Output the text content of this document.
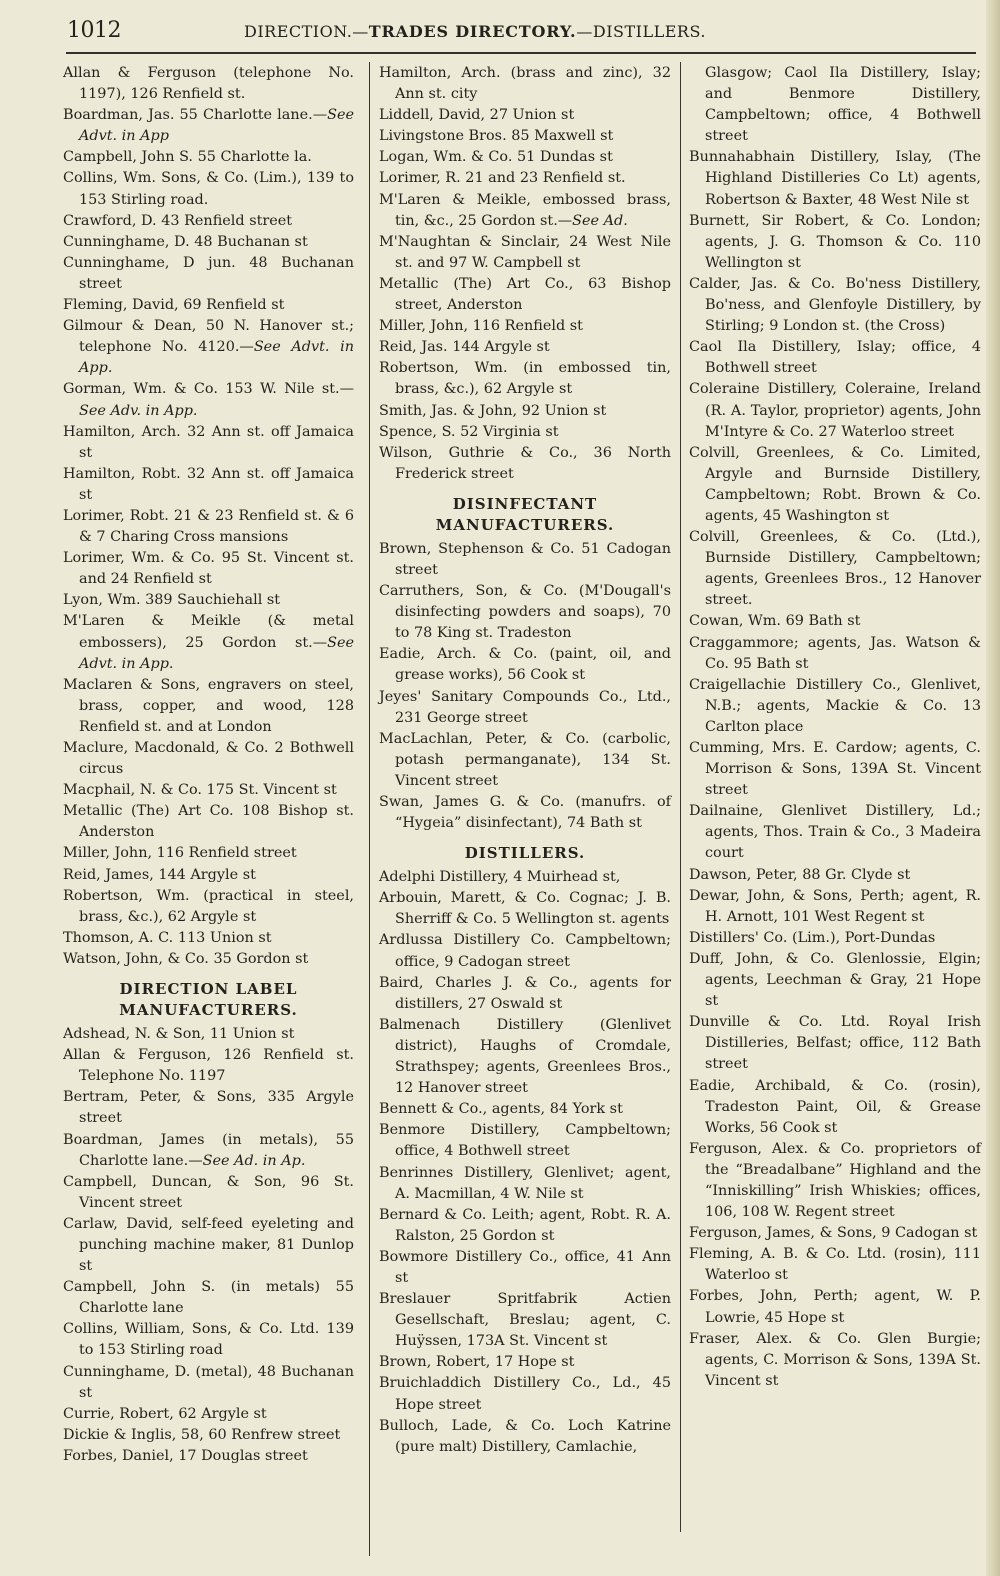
1012	DIRECTION.—TRADES DIRECTORY.—DISTILLERS.

Allan & Ferguson (telephone No. 1197), 126 Renfield st.

Boardman, Jas. 55 Charlotte lane.—See Advt. in App

Campbell, John S. 55 Charlotte la.

Collins, Wm. Sons, & Co. (Lim.), 139 to 153 Stirling road.

Crawford, D. 43 Renfield street

Cunninghame, D. 48 Buchanan st

Cunninghame, D jun. 48 Buchanan street

Fleming, David, 69 Renfield st

Gilmour & Dean, 50 N. Hanover st.; telephone No. 4120.—See Advt. in App.

Gorman, Wm. & Co. 153 W. Nile st.—See Adv. in App.

Hamilton, Arch. 32 Ann st. off Jamaica st

Hamilton, Robt. 32 Ann st. off Jamaica st

Lorimer, Robt. 21 & 23 Renfield st. & 6 & 7 Charing Cross mansions

Lorimer, Wm. & Co. 95 St. Vincent st. and 24 Renfield st

Lyon, Wm. 389 Sauchiehall st

M'Laren & Meikle (& metal embossers), 25 Gordon st.—See Advt. in App.

Maclaren & Sons, engravers on steel, brass, copper, and wood, 128 Renfield st. and at London

Maclure, Macdonald, & Co. 2 Bothwell circus

Macphail, N. & Co. 175 St. Vincent st

Metallic (The) Art Co. 108 Bishop st. Anderston

Miller, John, 116 Renfield street

Reid, James, 144 Argyle st

Robertson, Wm. (practical in steel, brass, &c.), 62 Argyle st

Thomson, A. C. 113 Union st

Watson, John, & Co. 35 Gordon st

DIRECTION LABEL MANUFACTURERS.

Adshead, N. & Son, 11 Union st

Allan & Ferguson, 126 Renfield st. Telephone No. 1197

Bertram, Peter, & Sons, 335 Argyle street

Boardman, James (in metals), 55 Charlotte lane.—See Ad. in Ap.

Campbell, Duncan, & Son, 96 St. Vincent street

Carlaw, David, self-feed eyeleting and punching machine maker, 81 Dunlop st

Campbell, John S. (in metals) 55 Charlotte lane

Collins, William, Sons, & Co. Ltd. 139 to 153 Stirling road

Cunninghame, D. (metal), 48 Buchanan st

Currie, Robert, 62 Argyle st

Dickie & Inglis, 58, 60 Renfrew street

Forbes, Daniel, 17 Douglas street

Hamilton, Arch. (brass and zinc), 32 Ann st. city

Liddell, David, 27 Union st

Livingstone Bros. 85 Maxwell st

Logan, Wm. & Co. 51 Dundas st

Lorimer, R. 21 and 23 Renfield st.

M'Laren & Meikle, embossed brass, tin, &c., 25 Gordon st.—See Ad.

M'Naughtan & Sinclair, 24 West Nile st. and 97 W. Campbell st

Metallic (The) Art Co., 63 Bishop street, Anderston

Miller, John, 116 Renfield st

Reid, Jas. 144 Argyle st

Robertson, Wm. (in embossed tin, brass, &c.), 62 Argyle st

Smith, Jas. & John, 92 Union st

Spence, S. 52 Virginia st

Wilson, Guthrie & Co., 36 North Frederick street

DISINFECTANT MANUFACTURERS.

Brown, Stephenson & Co. 51 Cadogan street

Carruthers, Son, & Co. (M'Dougall's disinfecting powders and soaps), 70 to 78 King st. Tradeston

Eadie, Arch. & Co. (paint, oil, and grease works), 56 Cook st

Jeyes' Sanitary Compounds Co., Ltd., 231 George street

MacLachlan, Peter, & Co. (carbolic, potash permanganate), 134 St. Vincent street

Swan, James G. & Co. (manufrs. of “Hygeia” disinfectant), 74 Bath st

DISTILLERS.

Adelphi Distillery, 4 Muirhead st,

Arbouin, Marett, & Co. Cognac; J. B. Sherriff & Co. 5 Wellington st. agents

Ardlussa Distillery Co. Campbeltown; office, 9 Cadogan street

Baird, Charles J. & Co., agents for distillers, 27 Oswald st

Balmenach Distillery (Glenlivet district), Haughs of Cromdale, Strathspey; agents, Greenlees Bros., 12 Hanover street

Bennett & Co., agents, 84 York st

Benmore Distillery, Campbeltown; office, 4 Bothwell street

Benrinnes Distillery, Glenlivet; agent, A. Macmillan, 4 W. Nile st

Bernard & Co. Leith; agent, Robt. R. A. Ralston, 25 Gordon st

Bowmore Distillery Co., office, 41 Ann st

Breslauer Spritfabrik Actien Gesellschaft, Breslau; agent, C. Huÿssen, 173A St. Vincent st

Brown, Robert, 17 Hope st

Bruichladdich Distillery Co., Ld., 45 Hope street

Bulloch, Lade, & Co. Loch Katrine (pure malt) Distillery, Camlachie,

Glasgow; Caol Ila Distillery, Islay; and Benmore Distillery, Campbeltown; office, 4 Bothwell street

Bunnahabhain Distillery, Islay, (The Highland Distilleries Co Lt) agents, Robertson & Baxter, 48 West Nile st

Burnett, Sir Robert, & Co. London; agents, J. G. Thomson & Co. 110 Wellington st

Calder, Jas. & Co. Bo'ness Distillery, Bo'ness, and Glenfoyle Distillery, by Stirling; 9 London st. (the Cross)

Caol Ila Distillery, Islay; office, 4 Bothwell street

Coleraine Distillery, Coleraine, Ireland (R. A. Taylor, proprietor) agents, John M'Intyre & Co. 27 Waterloo street

Colvill, Greenlees, & Co. Limited, Argyle and Burnside Distillery, Campbeltown; Robt. Brown & Co. agents, 45 Washington st

Colvill, Greenlees, & Co. (Ltd.), Burnside Distillery, Campbeltown; agents, Greenlees Bros., 12 Hanover street.

Cowan, Wm. 69 Bath st

Craggammore; agents, Jas. Watson & Co. 95 Bath st

Craigellachie Distillery Co., Glenlivet, N.B.; agents, Mackie & Co. 13 Carlton place

Cumming, Mrs. E. Cardow; agents, C. Morrison & Sons, 139A St. Vincent street

Dailnaine, Glenlivet Distillery, Ld.; agents, Thos. Train & Co., 3 Madeira court

Dawson, Peter, 88 Gr. Clyde st

Dewar, John, & Sons, Perth; agent, R. H. Arnott, 101 West Regent st

Distillers' Co. (Lim.), Port-Dundas

Duff, John, & Co. Glenlossie, Elgin; agents, Leechman & Gray, 21 Hope st

Dunville & Co. Ltd. Royal Irish Distilleries, Belfast; office, 112 Bath street

Eadie, Archibald, & Co. (rosin), Tradeston Paint, Oil, & Grease Works, 56 Cook st

Ferguson, Alex. & Co. proprietors of the “Breadalbane” Highland and the “Inniskilling” Irish Whiskies; offices, 106, 108 W. Regent street

Ferguson, James, & Sons, 9 Cadogan st

Fleming, A. B. & Co. Ltd. (rosin), 111 Waterloo st

Forbes, John, Perth; agent, W. P. Lowrie, 45 Hope st

Fraser, Alex. & Co. Glen Burgie; agents, C. Morrison & Sons, 139A St. Vincent st
